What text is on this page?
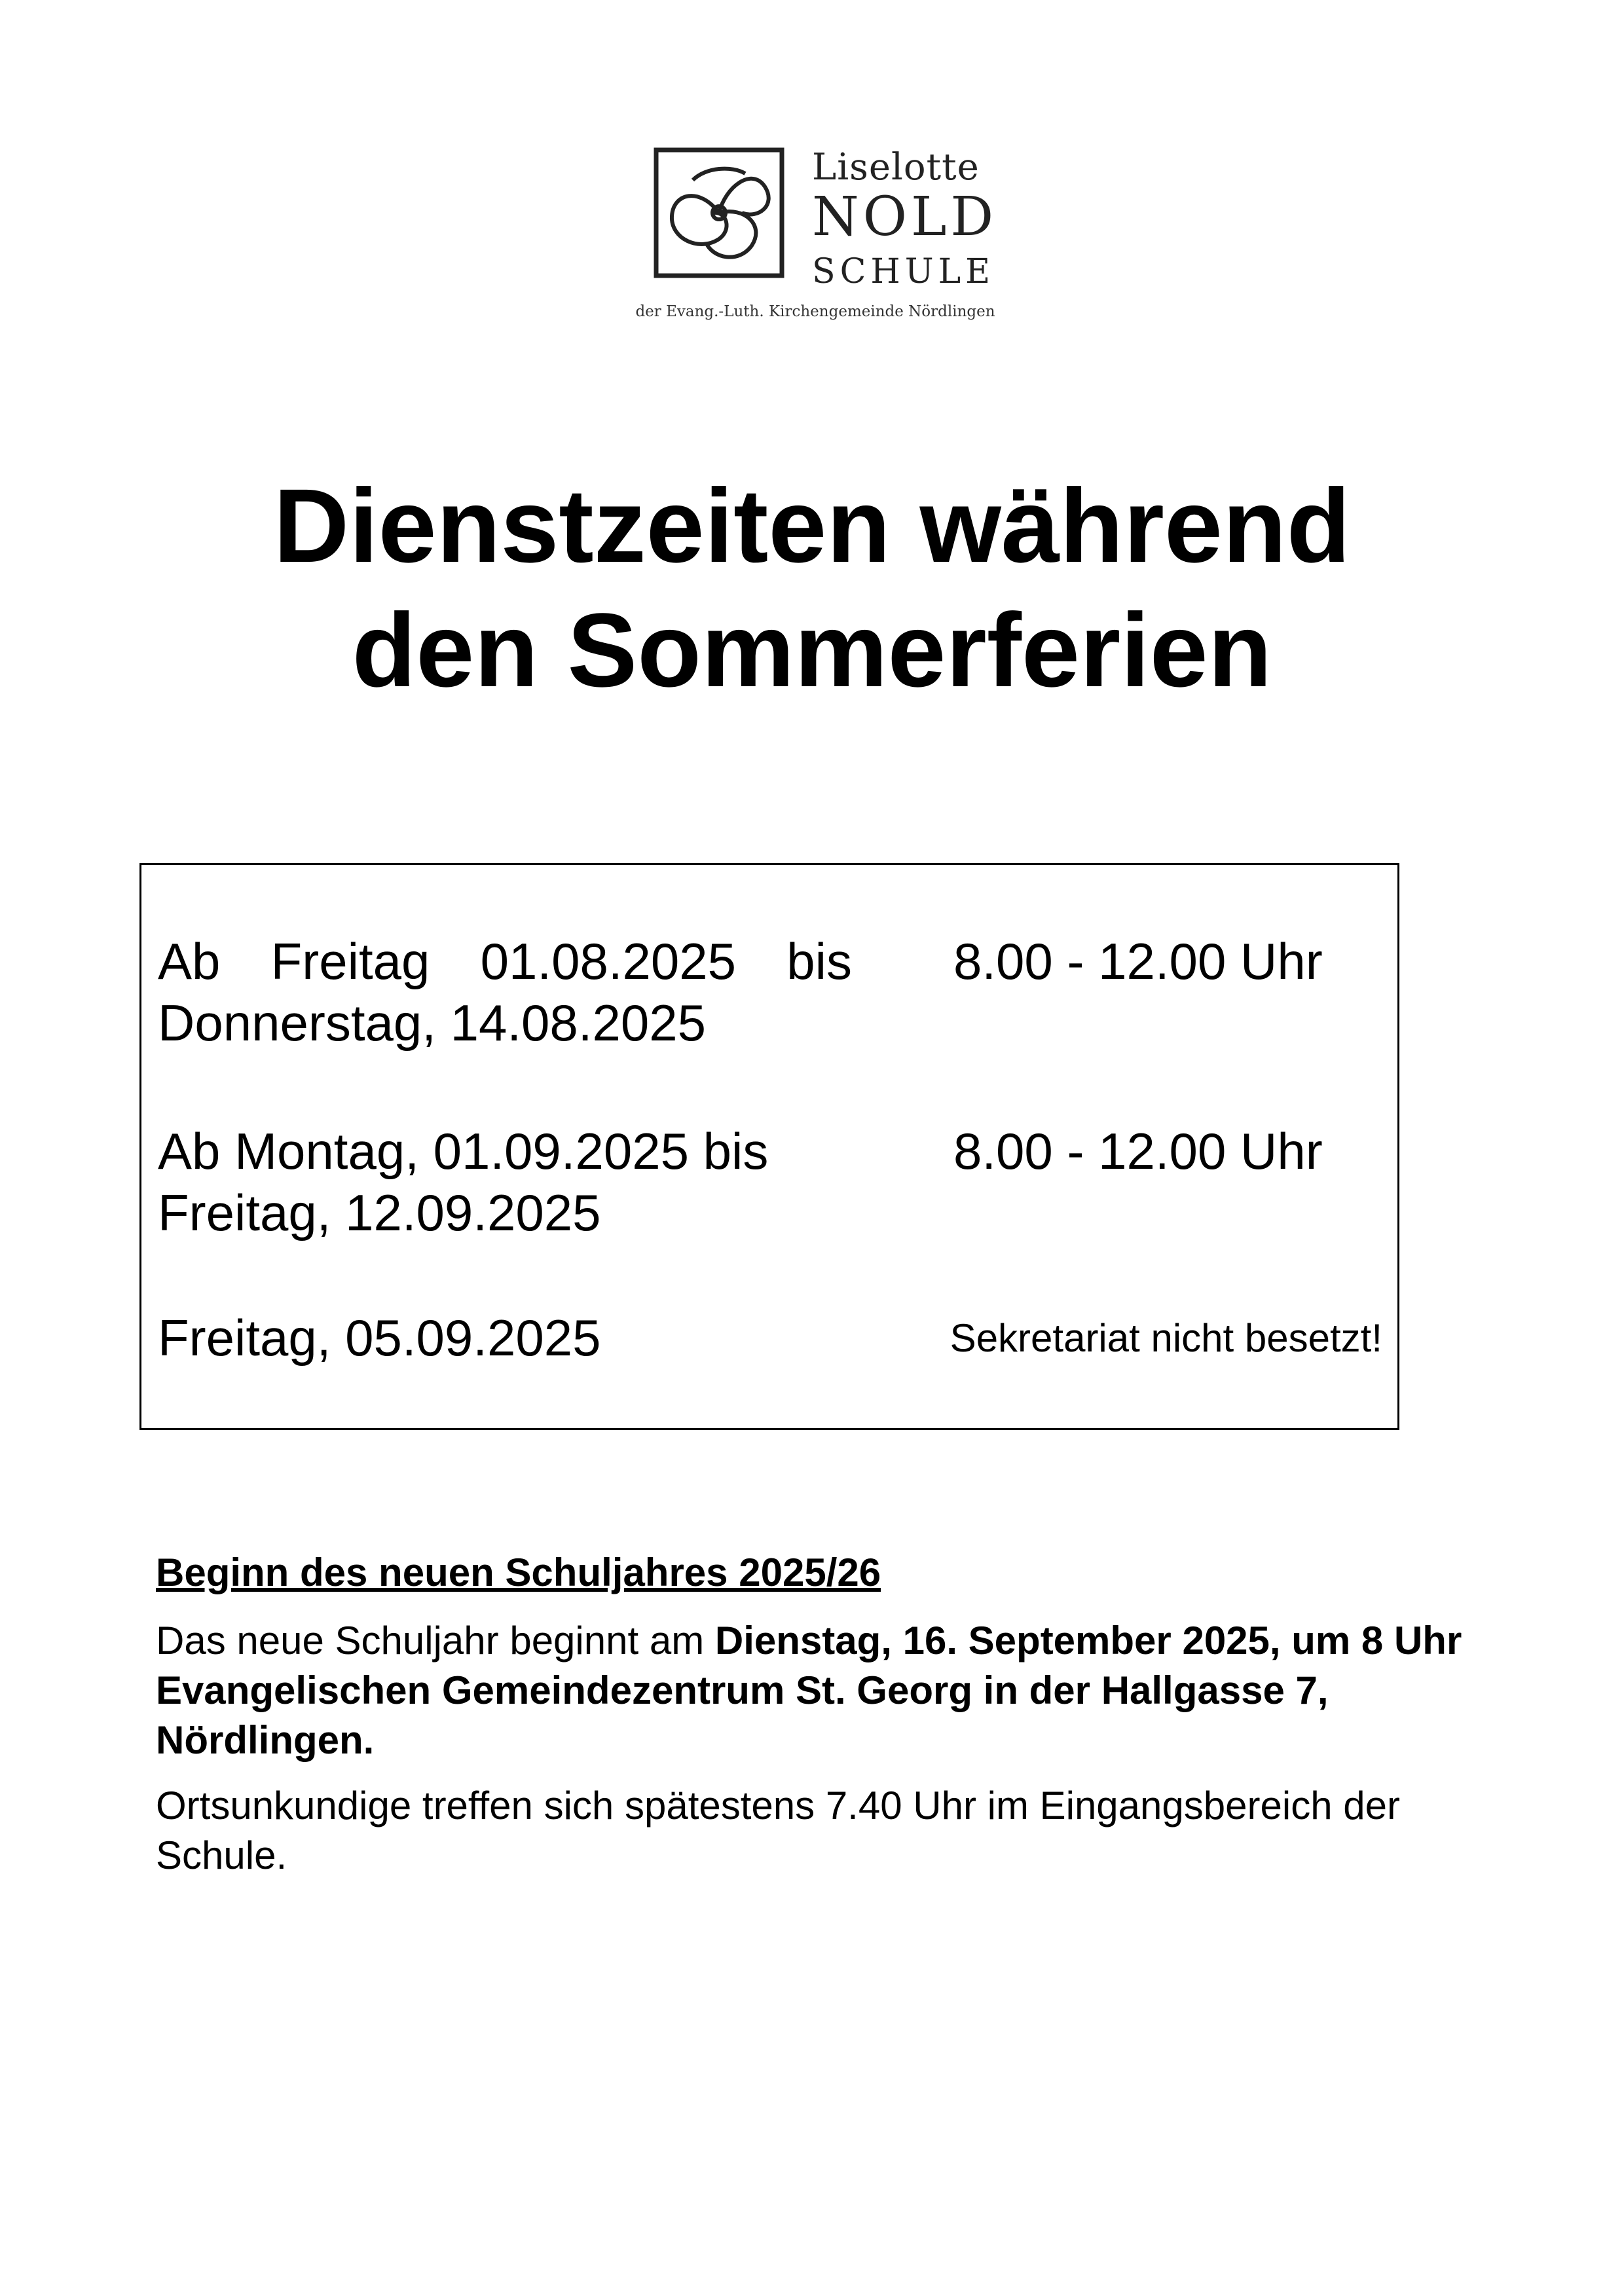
Liselotte
NOLD
SCHULE
der Evang.-Luth. Kirchengemeinde Nördlingen
Dienstzeiten während
den Sommerferien
Ab Freitag 01.08.2025 bis
Donnerstag, 14.08.2025
8.00 - 12.00 Uhr
Ab Montag, 01.09.2025 bis
Freitag, 12.09.2025
8.00 - 12.00 Uhr
Freitag, 05.09.2025	Sekretariat nicht besetzt!

Beginn des neuen Schuljahres 2025/26

Das neue Schuljahr beginnt am Dienstag, 16. September 2025, um 8 Uhr Evangelischen Gemeindezentrum St. Georg in der Hallgasse 7, Nördlingen.

Ortsunkundige treffen sich spätestens 7.40 Uhr im Eingangsbereich der Schule.
